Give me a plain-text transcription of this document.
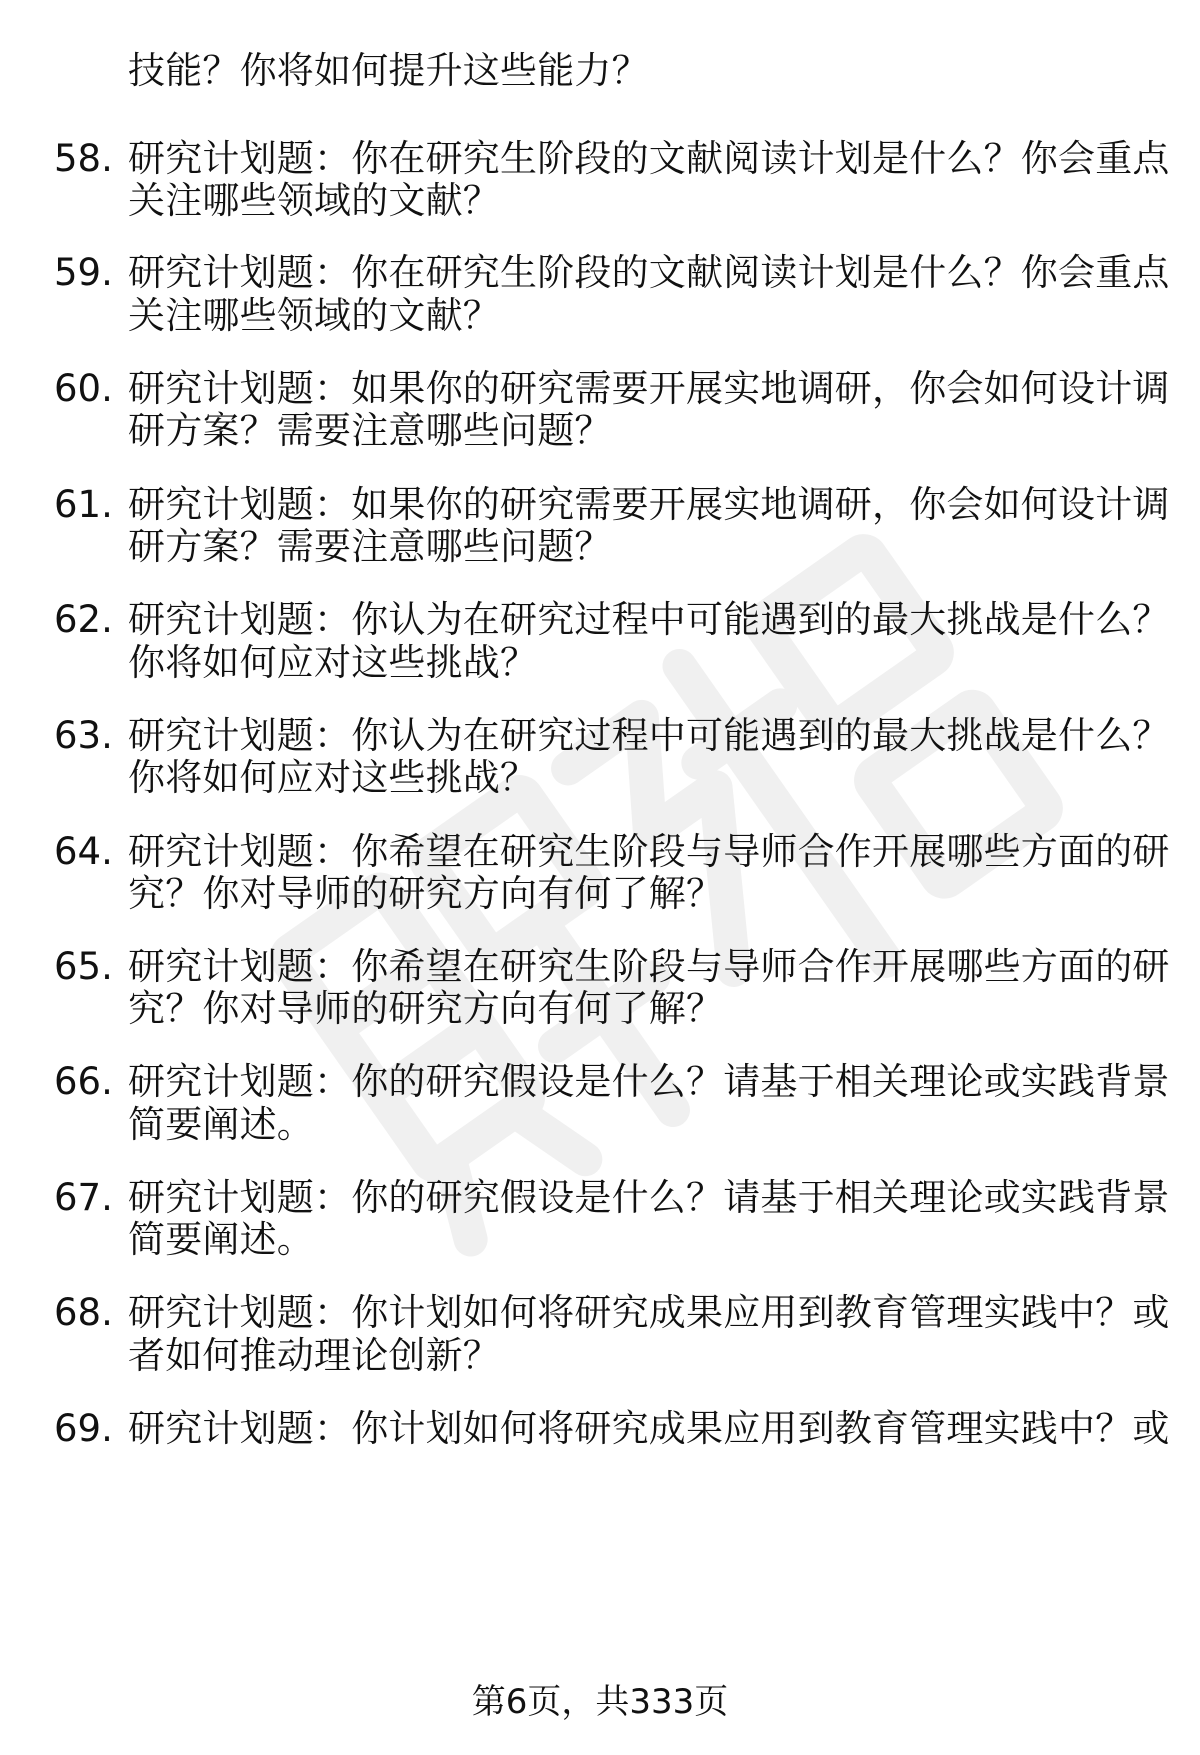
技能？你将如何提升这些能力？
58. 研究计划题：你在研究生阶段的文献阅读计划是什么？你会重点
关注哪些领域的文献？
59. 研究计划题：你在研究生阶段的文献阅读计划是什么？你会重点
关注哪些领域的文献？
60. 研究计划题：如果你的研究需要开展实地调研，你会如何设计调
研方案？需要注意哪些问题？
61. 研究计划题：如果你的研究需要开展实地调研，你会如何设计调
研方案？需要注意哪些问题？
62. 研究计划题：你认为在研究过程中可能遇到的最大挑战是什么？
你将如何应对这些挑战？
63. 研究计划题：你认为在研究过程中可能遇到的最大挑战是什么？
你将如何应对这些挑战？
64. 研究计划题：你希望在研究生阶段与导师合作开展哪些方面的研
究？你对导师的研究方向有何了解？
65. 研究计划题：你希望在研究生阶段与导师合作开展哪些方面的研
究？你对导师的研究方向有何了解？
66. 研究计划题：你的研究假设是什么？请基于相关理论或实践背景
简要阐述。
67. 研究计划题：你的研究假设是什么？请基于相关理论或实践背景
简要阐述。
68. 研究计划题：你计划如何将研究成果应用到教育管理实践中？或
者如何推动理论创新？
69. 研究计划题：你计划如何将研究成果应用到教育管理实践中？或
第6页，共333页
